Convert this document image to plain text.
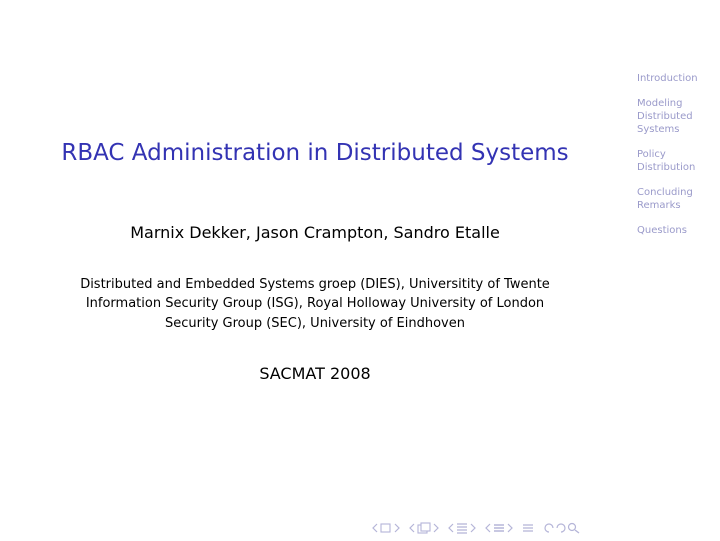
RBAC Administration in Distributed Systems
Marnix Dekker, Jason Crampton, Sandro Etalle
Distributed and Embedded Systems groep (DIES), Universitity of Twente
Information Security Group (ISG), Royal Holloway University of London
Security Group (SEC), University of Eindhoven
SACMAT 2008
Introduction
Modeling
Distributed
Systems
Policy
Distribution
Concluding
Remarks
Questions
